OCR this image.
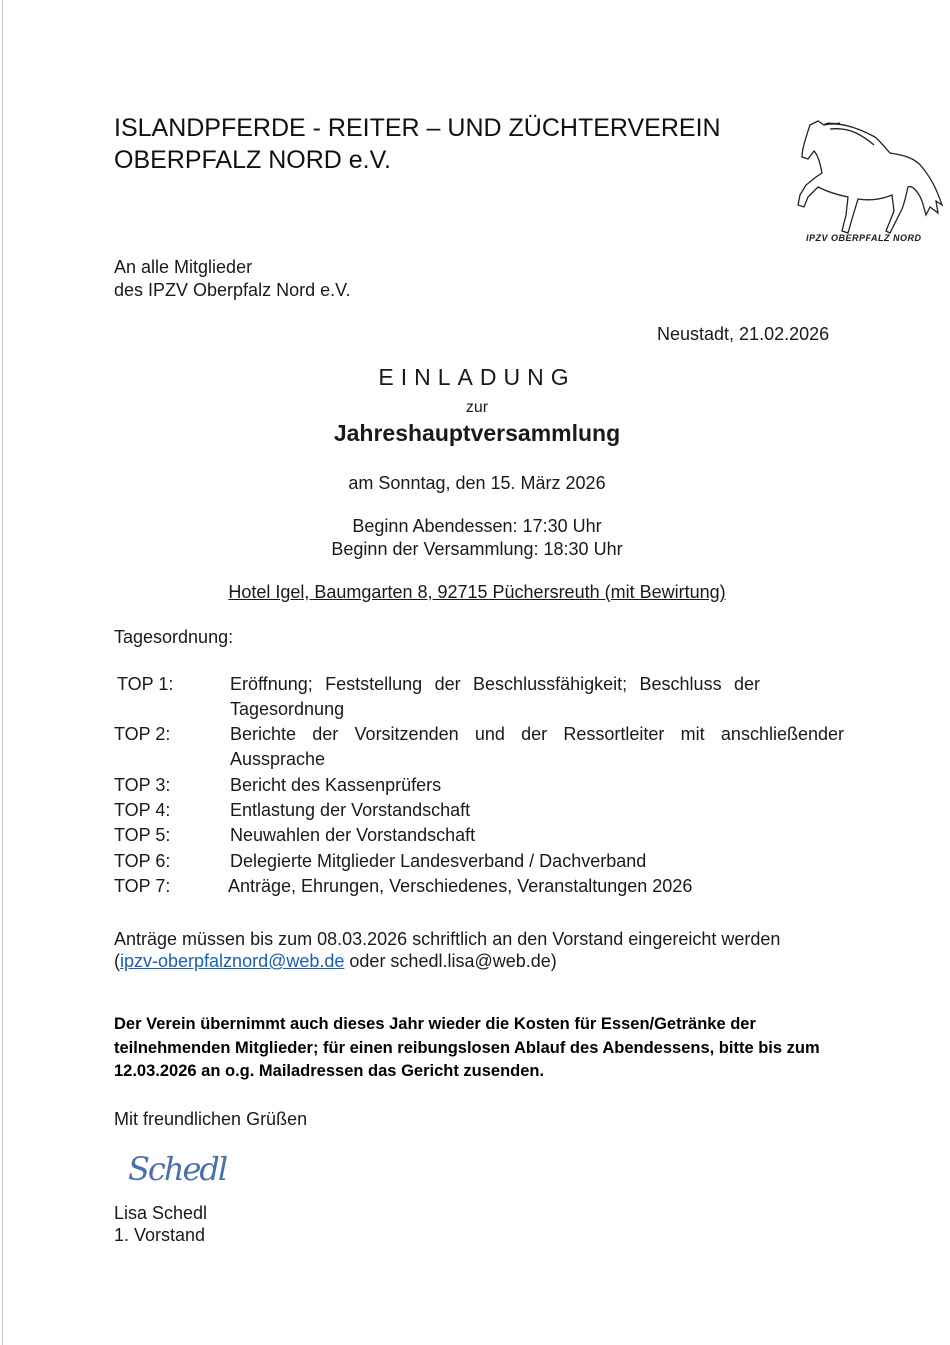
ISLANDPFERDE - REITER – UND ZÜCHTERVEREIN
OBERPFALZ NORD e.V.
IPZV OBERPFALZ NORD
An alle Mitglieder
des IPZV Oberpfalz Nord e.V.
Neustadt, 21.02.2026
EINLADUNG
zur
Jahreshauptversammlung
am Sonntag, den 15. März 2026
Beginn Abendessen: 17:30 Uhr
Beginn der Versammlung: 18:30 Uhr
Hotel Igel, Baumgarten 8, 92715 Püchersreuth (mit Bewirtung)
Tagesordnung:
TOP 1:	Eröffnung; Feststellung der Beschlussfähigkeit; Beschluss der Tagesordnung
TOP 2:	Berichte der Vorsitzenden und der Ressortleiter mit anschließender Aussprache
TOP 3:	Bericht des Kassenprüfers
TOP 4:	Entlastung der Vorstandschaft
TOP 5:	Neuwahlen der Vorstandschaft
TOP 6:	Delegierte Mitglieder Landesverband / Dachverband
TOP 7:	Anträge, Ehrungen, Verschiedenes, Veranstaltungen 2026
Anträge müssen bis zum 08.03.2026 schriftlich an den Vorstand eingereicht werden
(ipzv-oberpfalznord@web.de oder schedl.lisa@web.de)
Der Verein übernimmt auch dieses Jahr wieder die Kosten für Essen/Getränke der teilnehmenden Mitglieder; für einen reibungslosen Ablauf des Abendessens, bitte bis zum 12.03.2026 an o.g. Mailadressen das Gericht zusenden.
Mit freundlichen Grüßen
Schedl
Lisa Schedl
1. Vorstand
